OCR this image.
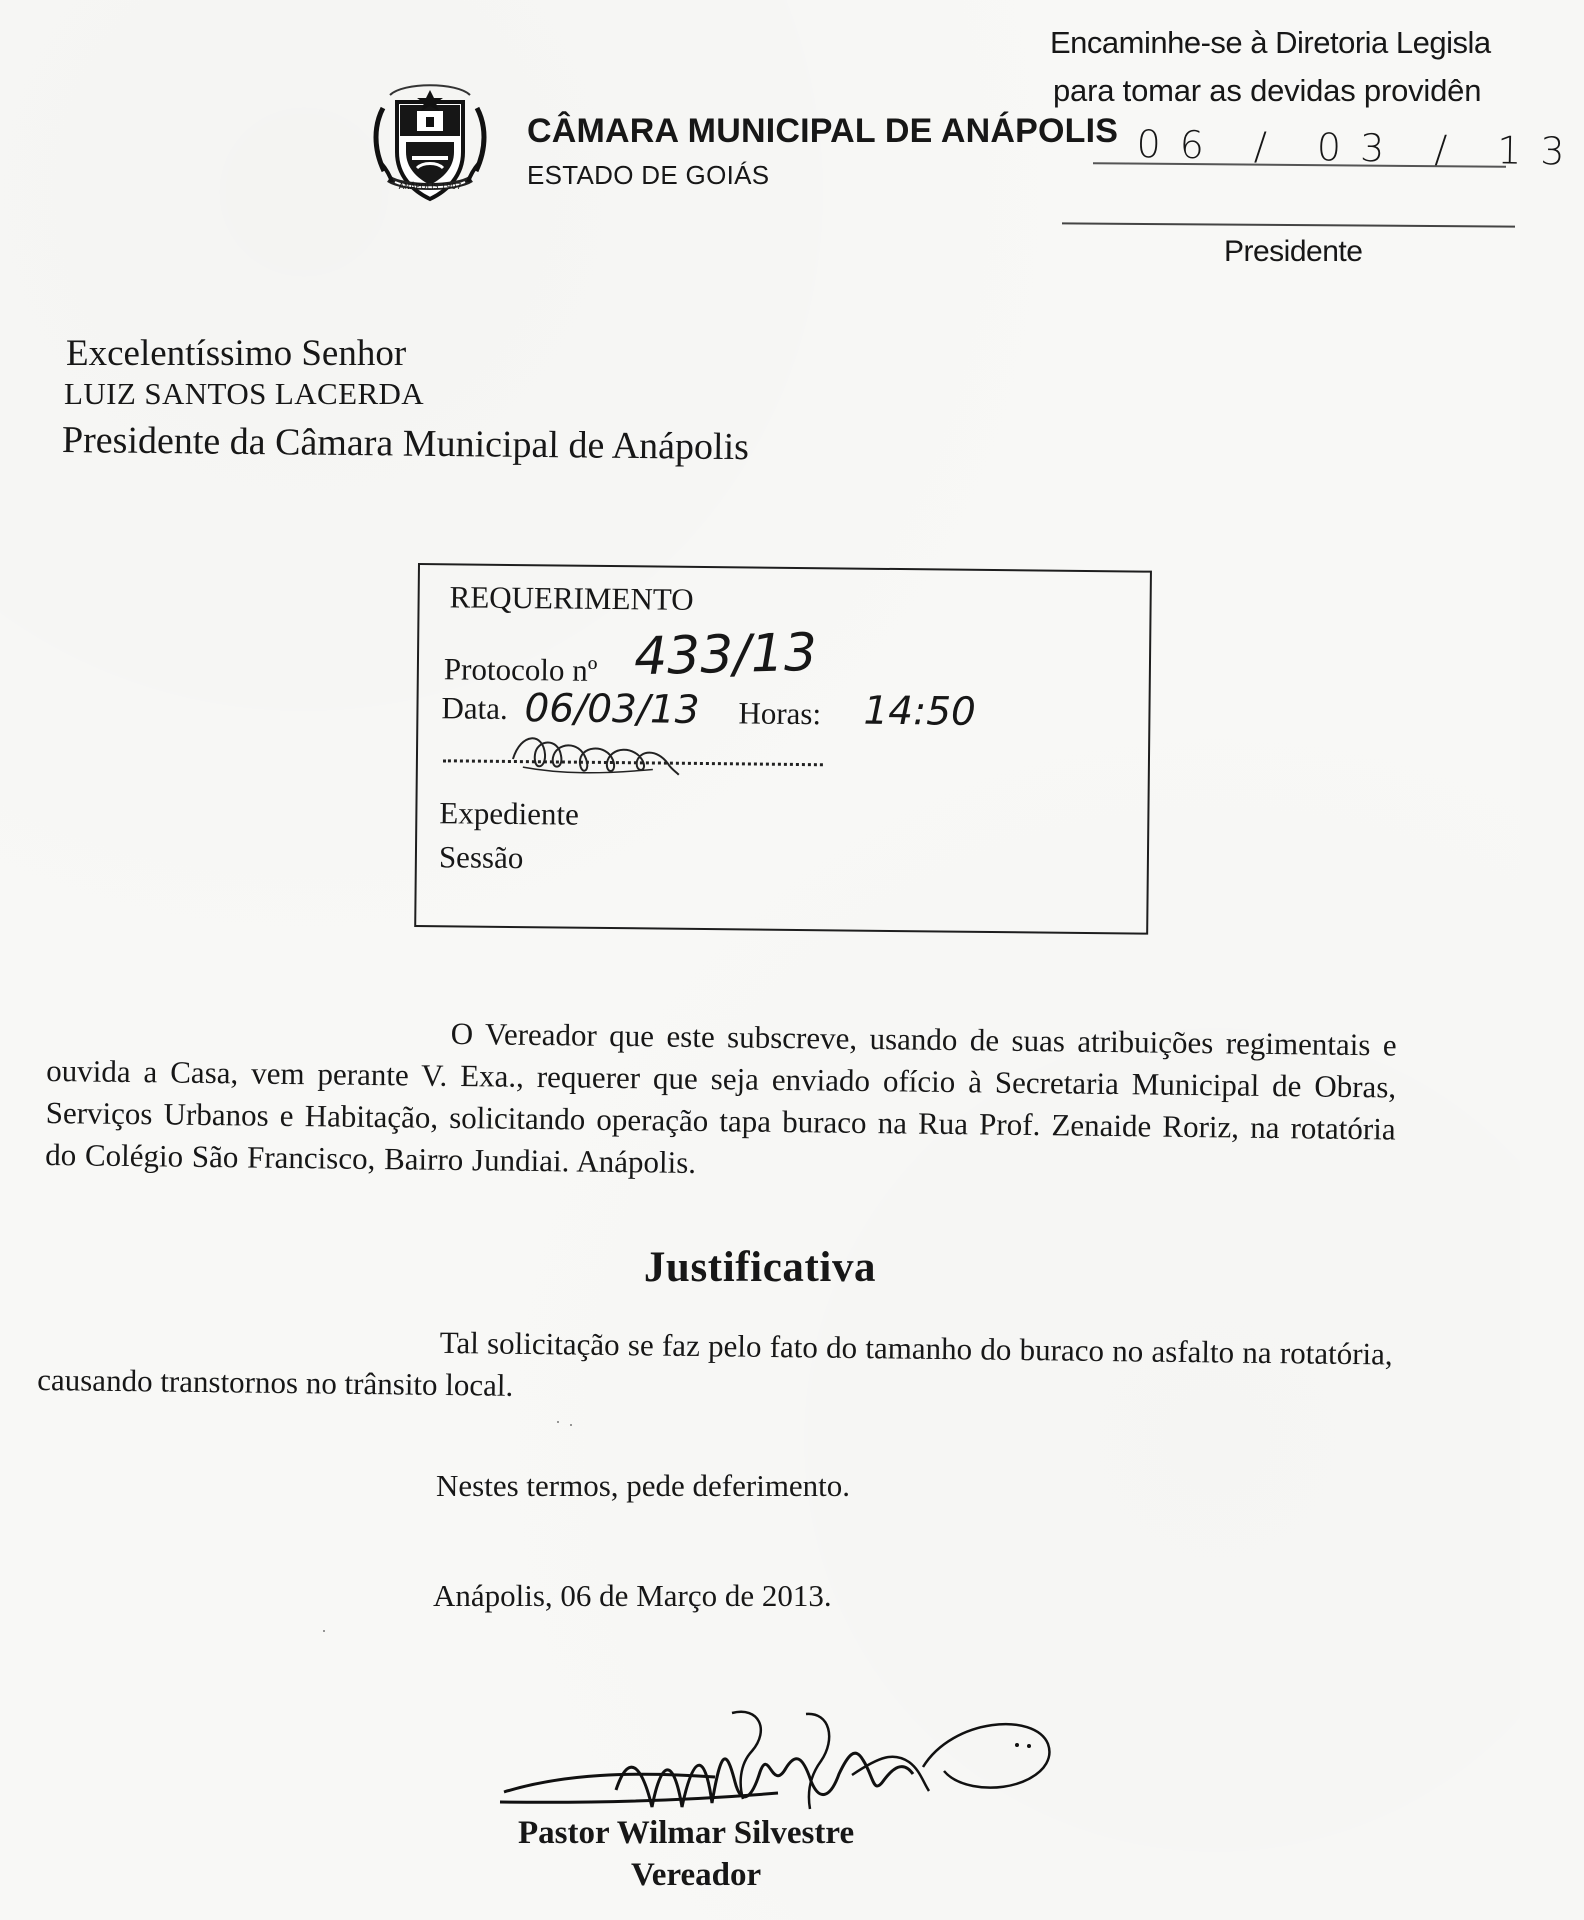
ANÁPOLIS 1907
CÂMARA MUNICIPAL DE ANÁPOLIS
ESTADO DE GOIÁS
Encaminhe-se à Diretoria Legisla
para tomar as devidas providên
06 / 03 / 13
Presidente
Excelentíssimo Senhor
LUIZ SANTOS LACERDA
Presidente da Câmara Municipal de Anápolis
REQUERIMENTO
Protocolo nº 433/13
Data. 06/03/13 Horas: 14:50
Expediente
Sessão
O Vereador que este subscreve, usando de suas atribuições regimentais e ouvida a Casa, vem perante V. Exa., requerer que seja enviado ofício à Secretaria Municipal de Obras, Serviços Urbanos e Habitação, solicitando operação tapa buraco na Rua Prof. Zenaide Roriz, na rotatória do Colégio São Francisco, Bairro Jundiai. Anápolis.
Justificativa
Tal solicitação se faz pelo fato do tamanho do buraco no asfalto na rotatória, causando transtornos no trânsito local.
Nestes termos, pede deferimento.
Anápolis, 06 de Março de 2013.
Pastor Wilmar Silvestre
Vereador
